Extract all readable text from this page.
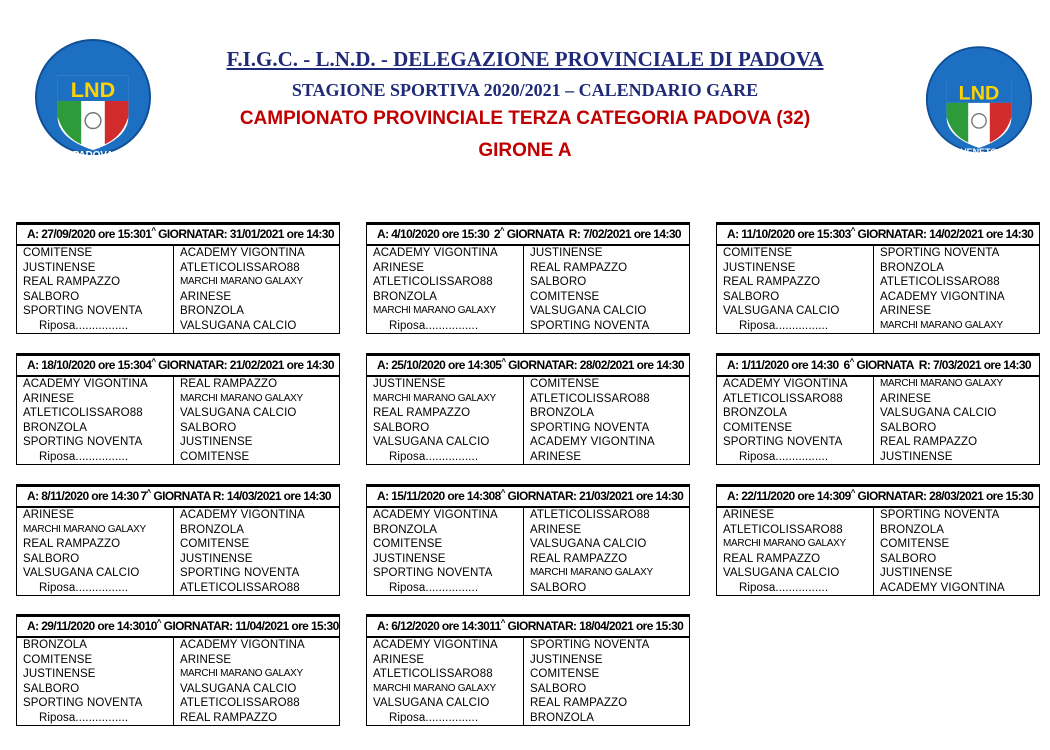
LND
PADOVA
LND
VENETO
F.I.G.C. - L.N.D. - DELEGAZIONE PROVINCIALE DI PADOVA
STAGIONE SPORTIVA 2020/2021 – CALENDARIO GARE
CAMPIONATO PROVINCIALE TERZA CATEGORIA PADOVA (32)
GIRONE A
A: 27/09/2020 ore 15:30 1^ GIORNATA R: 31/01/2021 ore 14:30
COMITENSE	ACADEMY VIGONTINA
JUSTINENSE	ATLETICOLISSARO88
REAL RAMPAZZO	MARCHI MARANO GALAXY
SALBORO	ARINESE
SPORTING NOVENTA	BRONZOLA
Riposa................	VALSUGANA CALCIO
A: 4/10/2020 ore 15:30 2^ GIORNATA R: 7/02/2021 ore 14:30
ACADEMY VIGONTINA	JUSTINENSE
ARINESE	REAL RAMPAZZO
ATLETICOLISSARO88	SALBORO
BRONZOLA	COMITENSE
MARCHI MARANO GALAXY	VALSUGANA CALCIO
Riposa................	SPORTING NOVENTA
A: 11/10/2020 ore 15:30 3^ GIORNATA R: 14/02/2021 ore 14:30
COMITENSE	SPORTING NOVENTA
JUSTINENSE	BRONZOLA
REAL RAMPAZZO	ATLETICOLISSARO88
SALBORO	ACADEMY VIGONTINA
VALSUGANA CALCIO	ARINESE
Riposa................	MARCHI MARANO GALAXY
A: 18/10/2020 ore 15:30 4^ GIORNATA R: 21/02/2021 ore 14:30
ACADEMY VIGONTINA	REAL RAMPAZZO
ARINESE	MARCHI MARANO GALAXY
ATLETICOLISSARO88	VALSUGANA CALCIO
BRONZOLA	SALBORO
SPORTING NOVENTA	JUSTINENSE
Riposa................	COMITENSE
A: 25/10/2020 ore 14:30 5^ GIORNATA R: 28/02/2021 ore 14:30
JUSTINENSE	COMITENSE
MARCHI MARANO GALAXY	ATLETICOLISSARO88
REAL RAMPAZZO	BRONZOLA
SALBORO	SPORTING NOVENTA
VALSUGANA CALCIO	ACADEMY VIGONTINA
Riposa................	ARINESE
A: 1/11/2020 ore 14:30 6^ GIORNATA R: 7/03/2021 ore 14:30
ACADEMY VIGONTINA	MARCHI MARANO GALAXY
ATLETICOLISSARO88	ARINESE
BRONZOLA	VALSUGANA CALCIO
COMITENSE	SALBORO
SPORTING NOVENTA	REAL RAMPAZZO
Riposa................	JUSTINENSE
A: 8/11/2020 ore 14:30 7^ GIORNATA R: 14/03/2021 ore 14:30
ARINESE	ACADEMY VIGONTINA
MARCHI MARANO GALAXY	BRONZOLA
REAL RAMPAZZO	COMITENSE
SALBORO	JUSTINENSE
VALSUGANA CALCIO	SPORTING NOVENTA
Riposa................	ATLETICOLISSARO88
A: 15/11/2020 ore 14:30 8^ GIORNATA R: 21/03/2021 ore 14:30
ACADEMY VIGONTINA	ATLETICOLISSARO88
BRONZOLA	ARINESE
COMITENSE	VALSUGANA CALCIO
JUSTINENSE	REAL RAMPAZZO
SPORTING NOVENTA	MARCHI MARANO GALAXY
Riposa................	SALBORO
A: 22/11/2020 ore 14:30 9^ GIORNATA R: 28/03/2021 ore 15:30
ARINESE	SPORTING NOVENTA
ATLETICOLISSARO88	BRONZOLA
MARCHI MARANO GALAXY	COMITENSE
REAL RAMPAZZO	SALBORO
VALSUGANA CALCIO	JUSTINENSE
Riposa................	ACADEMY VIGONTINA
A: 29/11/2020 ore 14:30 10^ GIORNATA R: 11/04/2021 ore 15:30
BRONZOLA	ACADEMY VIGONTINA
COMITENSE	ARINESE
JUSTINENSE	MARCHI MARANO GALAXY
SALBORO	VALSUGANA CALCIO
SPORTING NOVENTA	ATLETICOLISSARO88
Riposa................	REAL RAMPAZZO
A: 6/12/2020 ore 14:30 11^ GIORNATA R: 18/04/2021 ore 15:30
ACADEMY VIGONTINA	SPORTING NOVENTA
ARINESE	JUSTINENSE
ATLETICOLISSARO88	COMITENSE
MARCHI MARANO GALAXY	SALBORO
VALSUGANA CALCIO	REAL RAMPAZZO
Riposa................	BRONZOLA
